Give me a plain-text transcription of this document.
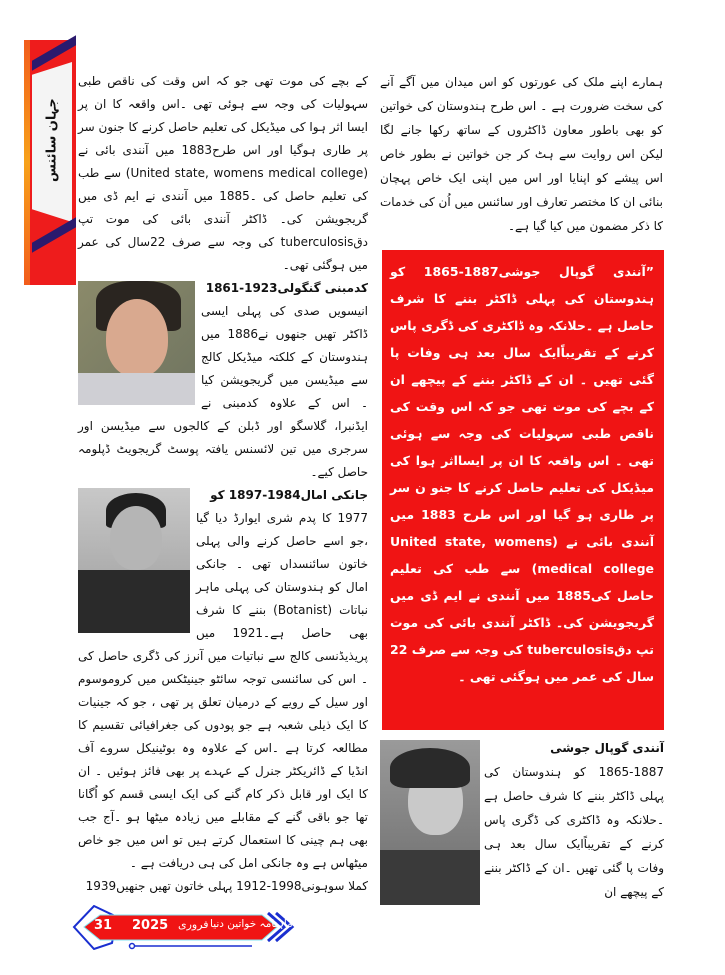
جہان سائنس
ہمارے اپنے ملک کی عورتوں کو اس میدان میں آگے آنے کی سخت ضرورت ہے ۔ اس طرح ہندوستان کی خواتین کو بھی باطور معاون ڈاکٹروں کے ساتھ رکھا جانے لگا لیکن اس روایت سے ہٹ کر جن خواتین نے بطور خاص اس پیشے کو اپنایا اور اس میں اپنی ایک خاص پہچان بنائی ان کا مختصر تعارف اور سائنس میں اُن کی خدمات کا ذکر مضمون میں کیا گیا ہے۔
”آنندی گوپال جوشی1887-1865 کو ہندوستان کی پہلی ڈاکٹر بننے کا شرف حاصل ہے ۔حلانکہ وہ ڈاکٹری کی ڈگری پاس کرنے کے تقریباًایک سال بعد ہی وفات پا گئی تھیں ۔ ان کے ڈاکٹر بننے کے پیچھے ان کے بچے کی موت تھی جو کہ اس وقت کی ناقص طبی سہولیات کی وجہ سے ہوئی تھی ۔ اس واقعہ کا ان پر ایسااثر ہوا کی میڈیکل کی تعلیم حاصل کرنے کا جنو ن سر پر طاری ہو گیا اور اس طرح 1883 میں آنندی بائی نے (United state, womens medical college) سے طب کی تعلیم حاصل کی1885 میں آنندی نے ایم ڈی میں گریجویشن کی۔ ڈاکٹر آنندی بائی کی موت تپ دقtuberculosis کی وجہ سے صرف 22 سال کی عمر میں ہوگئی تھی ۔
آنندی گوپال جوشی
1865-1887 کو ہندوستان کی پہلی ڈاکٹر بننے کا شرف حاصل ہے ۔حلانکہ وہ ڈاکٹری کی ڈگری پاس کرنے کے تقریباًایک سال بعد ہی وفات پا گئی تھیں ۔ان کے ڈاکٹر بننے کے پیچھے ان
کے بچے کی موت تھی جو کہ اس وقت کی ناقص طبی سہولیات کی وجہ سے ہوئی تھی ۔اس واقعہ کا ان پر ایسا اثر ہوا کی میڈیکل کی تعلیم حاصل کرنے کا جنون سر پر طاری ہوگیا اور اس طرح1883 میں آنندی بائی نے (United state, womens medical college) سے طب کی تعلیم حاصل کی ۔1885 میں آنندی نے ایم ڈی میں گریجویشن کی۔ ڈاکٹر آنندی بائی کی موت تپ دقtuberculosis کی وجہ سے صرف 22سال کی عمر میں ہوگئی تھی۔
کدمبنی گنگولی1923-1861
انیسویں صدی کی پہلی ایسی ڈاکٹر تھیں جنھوں نے1886 میں ہندوستان کے کلکتہ میڈیکل کالج سے میڈیسن میں گریجویشن کیا ۔ اس کے علاوہ کدمبنی نے ایڈنبرا، گلاسگو اور ڈبلن کے کالجوں سے میڈیسن اور سرجری میں تین لائسنس یافتہ پوسٹ گریجویٹ ڈپلومہ حاصل کیے۔
جانکی امال1984-1897 کو
1977 کا پدم شری ایوارڈ دیا گیا ،جو اسے حاصل کرنے والی پہلی خاتون سائنسداں تھی ۔ جانکی امال کو ہندوستان کی پہلی ماہر نباتات (Botanist) بننے کا شرف بھی حاصل ہے۔1921 میں پریذیڈنسی کالج سے نباتیات میں آنرز کی ڈگری حاصل کی ۔ اس کی سائنسی توجہ سائٹو جینیٹکس میں کروموسوم اور سیل کے رویے کے درمیان تعلق پر تھی ، جو کہ جینیات کا ایک ذیلی شعبہ ہے جو پودوں کی جغرافیائی تقسیم کا مطالعہ کرتا ہے ۔اس کے علاوہ وہ بوٹینیکل سروے آف انڈیا کے ڈائریکٹر جنرل کے عہدے پر بھی فائز ہوئیں ۔ ان کا ایک اور قابل ذکر کام گنے کی ایک ایسی قسم کو اُگانا تھا جو باقی گنے کے مقابلے میں زیادہ میٹھا ہو ۔آج جب بھی ہم چینی کا استعمال کرتے ہیں تو اس میں جو خاص میٹھاس ہے وہ جانکی امل کی ہی دریافت ہے ۔
کملا سوہونی1998-1912 پہلی خاتون تھیں جنھیں1939
31 2025 فروری ماہنامہ خواتین دنیا
